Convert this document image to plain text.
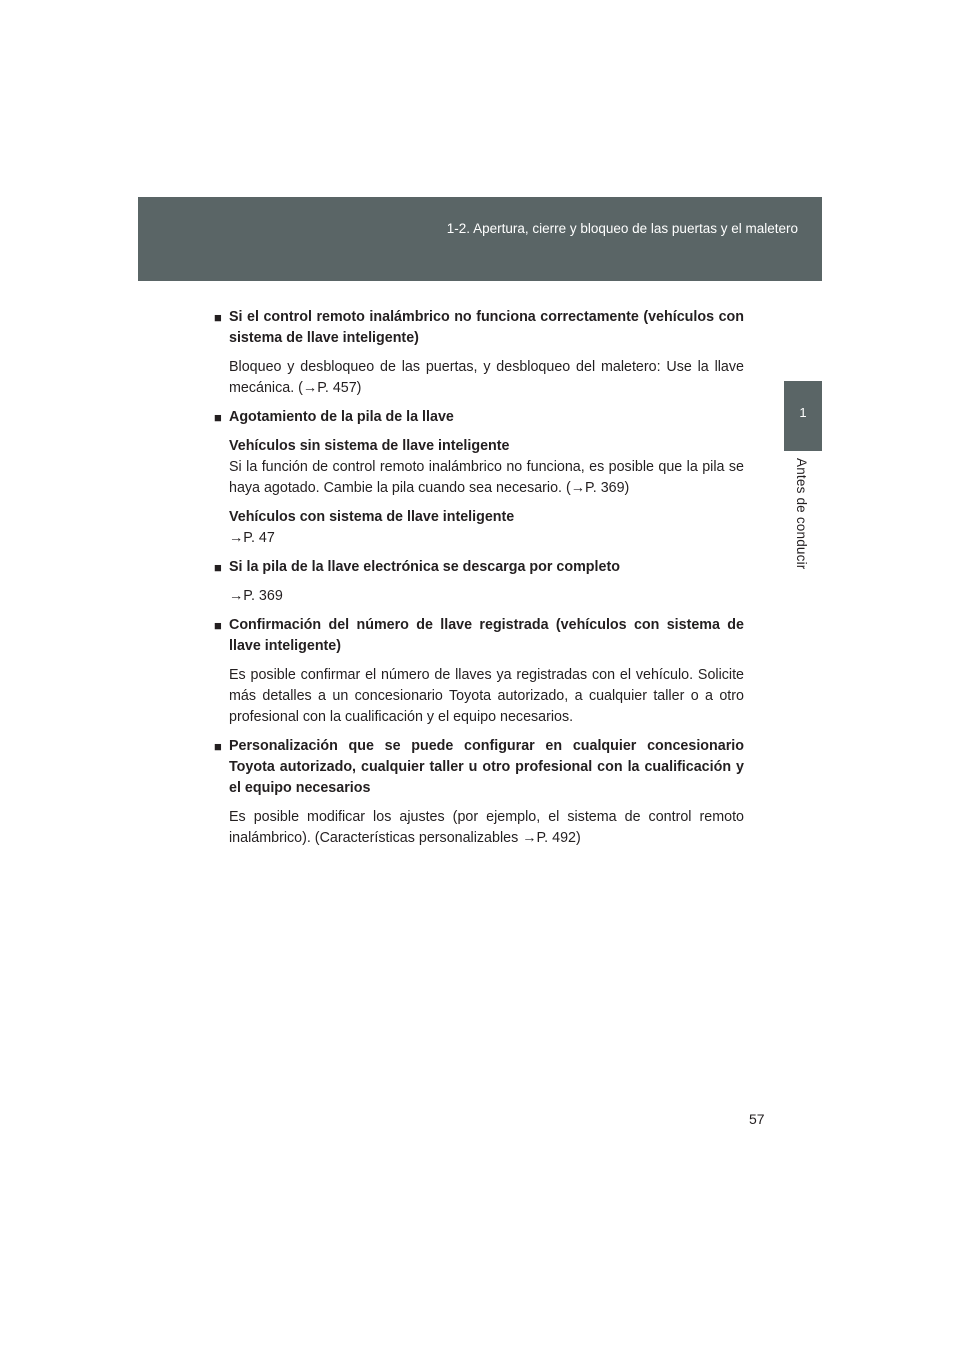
1-2. Apertura, cierre y bloqueo de las puertas y el maletero
1
Antes de conducir
■ Si el control remoto inalámbrico no funciona correctamente (vehículos con sistema de llave inteligente)

Bloqueo y desbloqueo de las puertas, y desbloqueo del maletero: Use la llave mecánica. (→P. 457)

■ Agotamiento de la pila de la llave
Vehículos sin sistema de llave inteligente

Si la función de control remoto inalámbrico no funciona, es posible que la pila se haya agotado. Cambie la pila cuando sea necesario. (→P. 369)

Vehículos con sistema de llave inteligente

→P. 47

■ Si la pila de la llave electrónica se descarga por completo

→P. 369

■ Confirmación del número de llave registrada (vehículos con sistema de llave inteligente)

Es posible confirmar el número de llaves ya registradas con el vehículo. Solicite más detalles a un concesionario Toyota autorizado, a cualquier taller o a otro profesional con la cualificación y el equipo necesarios.

■ Personalización que se puede configurar en cualquier concesionario Toyota autorizado, cualquier taller u otro profesional con la cualificación y el equipo necesarios

Es posible modificar los ajustes (por ejemplo, el sistema de control remoto inalámbrico). (Características personalizables →P. 492)

57
